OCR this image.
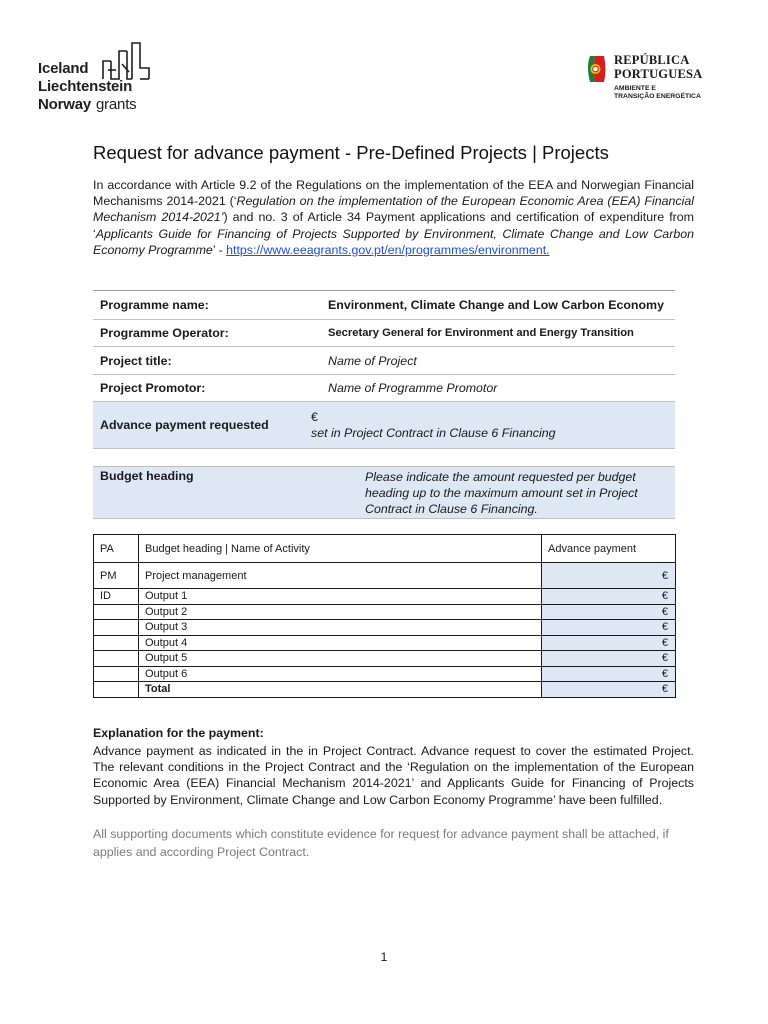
Iceland
Liechtenstein
Norway grants
REPÚBLICA
PORTUGUESA
AMBIENTE E
TRANSIÇÃO ENERGÉTICA
Request for advance payment - Pre-Defined Projects | Projects
In accordance with Article 9.2 of the Regulations on the implementation of the EEA and Norwegian Financial Mechanisms 2014-2021 (‘Regulation on the implementation of the European Economic Area (EEA) Financial Mechanism 2014-2021’) and no. 3 of Article 34 Payment applications and certification of expenditure from ‘Applicants Guide for Financing of Projects Supported by Environment, Climate Change and Low Carbon Economy Programme’ - https://www.eeagrants.gov.pt/en/programmes/environment.
Programme name:	Environment, Climate Change and Low Carbon Economy
Programme Operator:	Secretary General for Environment and Energy Transition
Project title:	Name of Project
Project Promotor:	Name of Programme Promotor
Advance payment requested	€
set in Project Contract in Clause 6 Financing
Budget heading	Please indicate the amount requested per budget heading up to the maximum amount set in Project Contract in Clause 6 Financing.
PA	Budget heading | Name of Activity	Advance payment
PM	Project management	€
ID	Output 1	€
	Output 2	€
	Output 3	€
	Output 4	€
	Output 5	€
	Output 6	€
	Total	€
Explanation for the payment:
Advance payment as indicated in the in Project Contract. Advance request to cover the estimated Project. The relevant conditions in the Project Contract and the ‘Regulation on the implementation of the European Economic Area (EEA) Financial Mechanism 2014-2021’ and Applicants Guide for Financing of Projects Supported by Environment, Climate Change and Low Carbon Economy Programme’ have been fulfilled.
All supporting documents which constitute evidence for request for advance payment shall be attached, if applies and according Project Contract.
1
